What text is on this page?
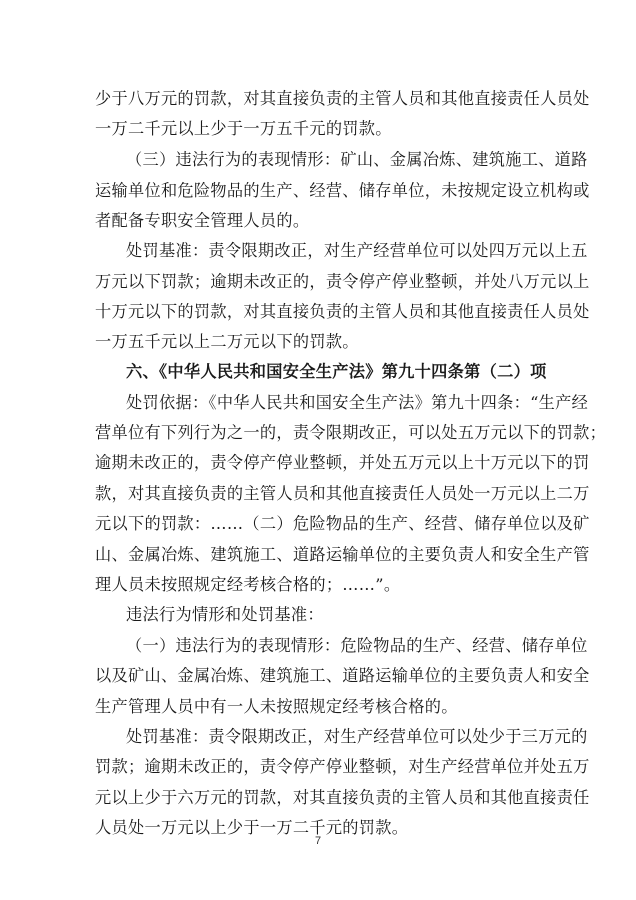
少于八万元的罚款，对其直接负责的主管人员和其他直接责任人员处
一万二千元以上少于一万五千元的罚款。
（三）违法行为的表现情形：矿山、金属冶炼、建筑施工、道路
运输单位和危险物品的生产、经营、储存单位，未按规定设立机构或
者配备专职安全管理人员的。
处罚基准：责令限期改正，对生产经营单位可以处四万元以上五
万元以下罚款；逾期未改正的，责令停产停业整顿，并处八万元以上
十万元以下的罚款，对其直接负责的主管人员和其他直接责任人员处
一万五千元以上二万元以下的罚款。
六、《中华人民共和国安全生产法》第九十四条第（二）项
处罚依据：《中华人民共和国安全生产法》第九十四条：“生产经
营单位有下列行为之一的，责令限期改正，可以处五万元以下的罚款；
逾期未改正的，责令停产停业整顿，并处五万元以上十万元以下的罚
款，对其直接负责的主管人员和其他直接责任人员处一万元以上二万
元以下的罚款：……（二）危险物品的生产、经营、储存单位以及矿
山、金属冶炼、建筑施工、道路运输单位的主要负责人和安全生产管
理人员未按照规定经考核合格的；……”。
违法行为情形和处罚基准：
（一）违法行为的表现情形：危险物品的生产、经营、储存单位
以及矿山、金属冶炼、建筑施工、道路运输单位的主要负责人和安全
生产管理人员中有一人未按照规定经考核合格的。
处罚基准：责令限期改正，对生产经营单位可以处少于三万元的
罚款；逾期未改正的，责令停产停业整顿，对生产经营单位并处五万
元以上少于六万元的罚款，对其直接负责的主管人员和其他直接责任
人员处一万元以上少于一万二千元的罚款。
7
